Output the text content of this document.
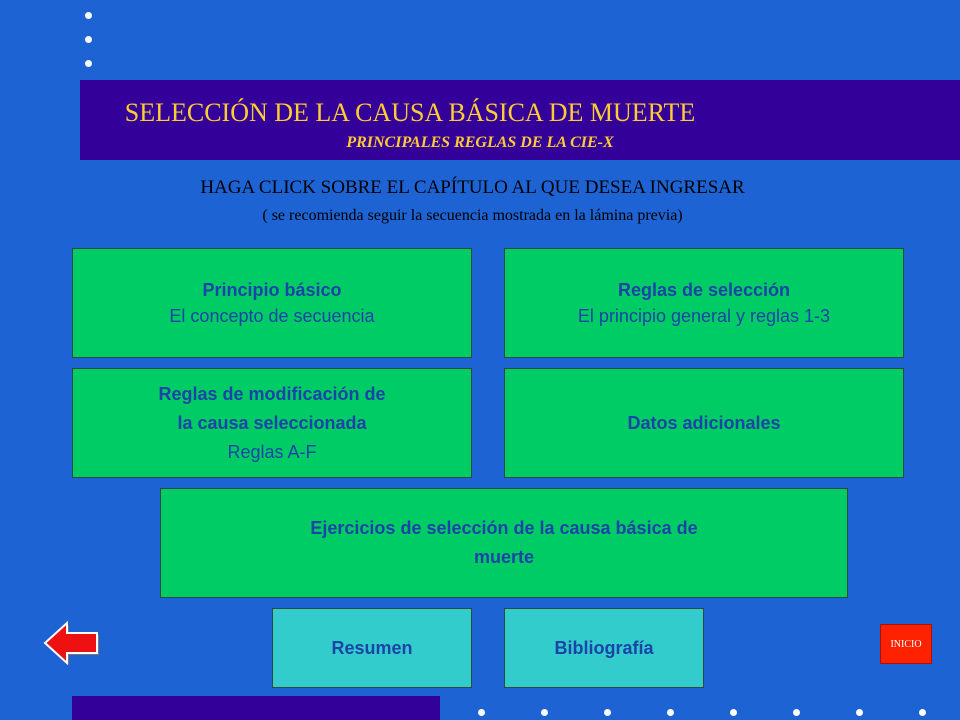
SELECCIÓN DE LA CAUSA BÁSICA DE MUERTE
PRINCIPALES REGLAS DE LA CIE-X
HAGA CLICK SOBRE EL CAPÍTULO AL QUE DESEA INGRESAR
( se recomienda seguir la secuencia mostrada en la lámina previa)
Principio básico
El concepto de secuencia
Reglas de selección
El principio general y reglas 1-3
Reglas de modificación de
la causa seleccionada
Reglas A-F
Datos adicionales
Ejercicios de selección de la causa básica de
muerte
Resumen	Bibliografía	INICIO
